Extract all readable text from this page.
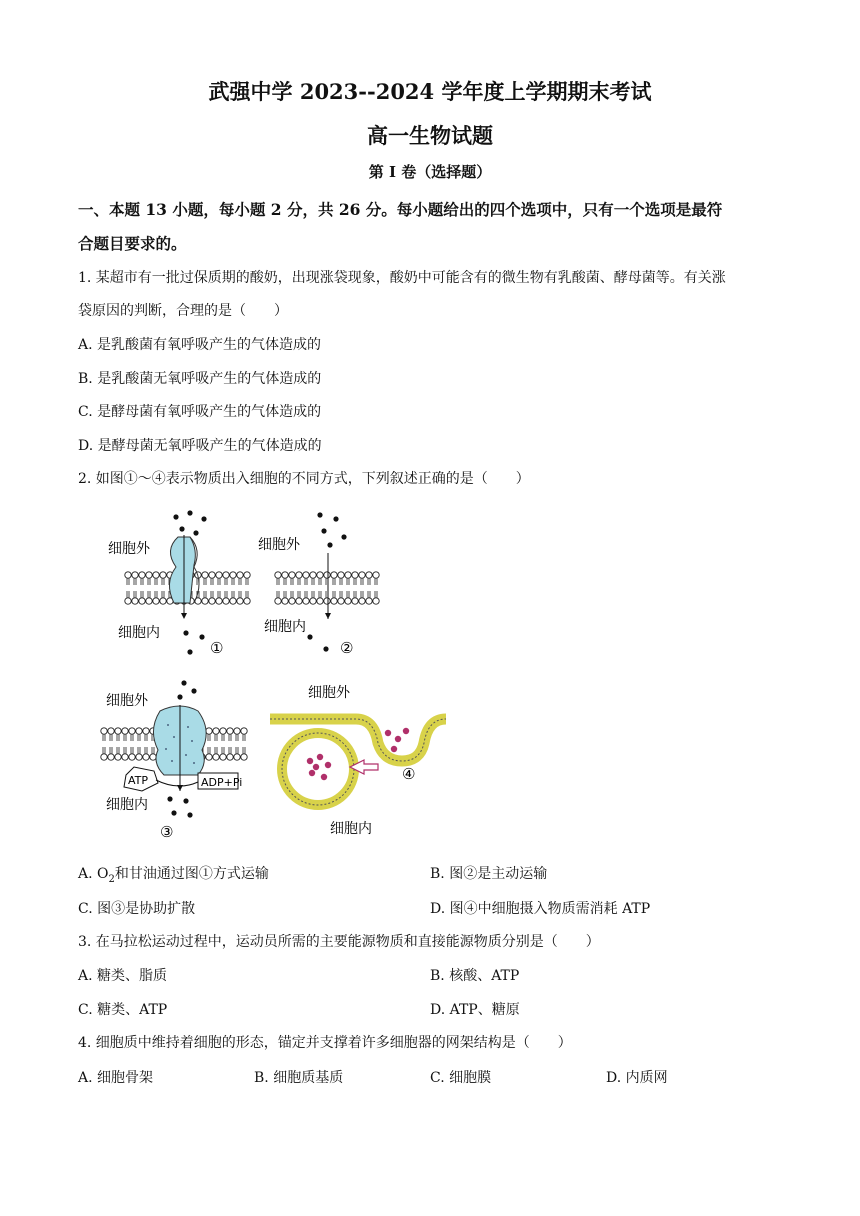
武强中学 2023--2024 学年度上学期期末考试
高一生物试题
第 I 卷（选择题）
一、本题 13 小题，每小题 2 分，共 26 分。每小题给出的四个选项中，只有一个选项是最符
合题目要求的。
1. 某超市有一批过保质期的酸奶，出现涨袋现象，酸奶中可能含有的微生物有乳酸菌、酵母菌等。有关涨
袋原因的判断，合理的是（　　）
A. 是乳酸菌有氧呼吸产生的气体造成的
B. 是乳酸菌无氧呼吸产生的气体造成的
C. 是酵母菌有氧呼吸产生的气体造成的
D. 是酵母菌无氧呼吸产生的气体造成的
2. 如图①～④表示物质出入细胞的不同方式，下列叙述正确的是（　　）
细胞外
细胞内
①
细胞外
细胞内
②
细胞外
ATP	ADP+Pi
细胞内
③
细胞外
④
细胞内
A. $O_2$和甘油通过图①方式运输	B. 图②是主动运输
C. 图③是协助扩散	D. 图④中细胞摄入物质需消耗 ATP
3. 在马拉松运动过程中，运动员所需的主要能源物质和直接能源物质分别是（　　）
A. 糖类、脂质	B. 核酸、ATP
C. 糖类、ATP	D. ATP、糖原
4. 细胞质中维持着细胞的形态，锚定并支撑着许多细胞器的网架结构是（　　）
A. 细胞骨架	B. 细胞质基质	C. 细胞膜	D. 内质网
